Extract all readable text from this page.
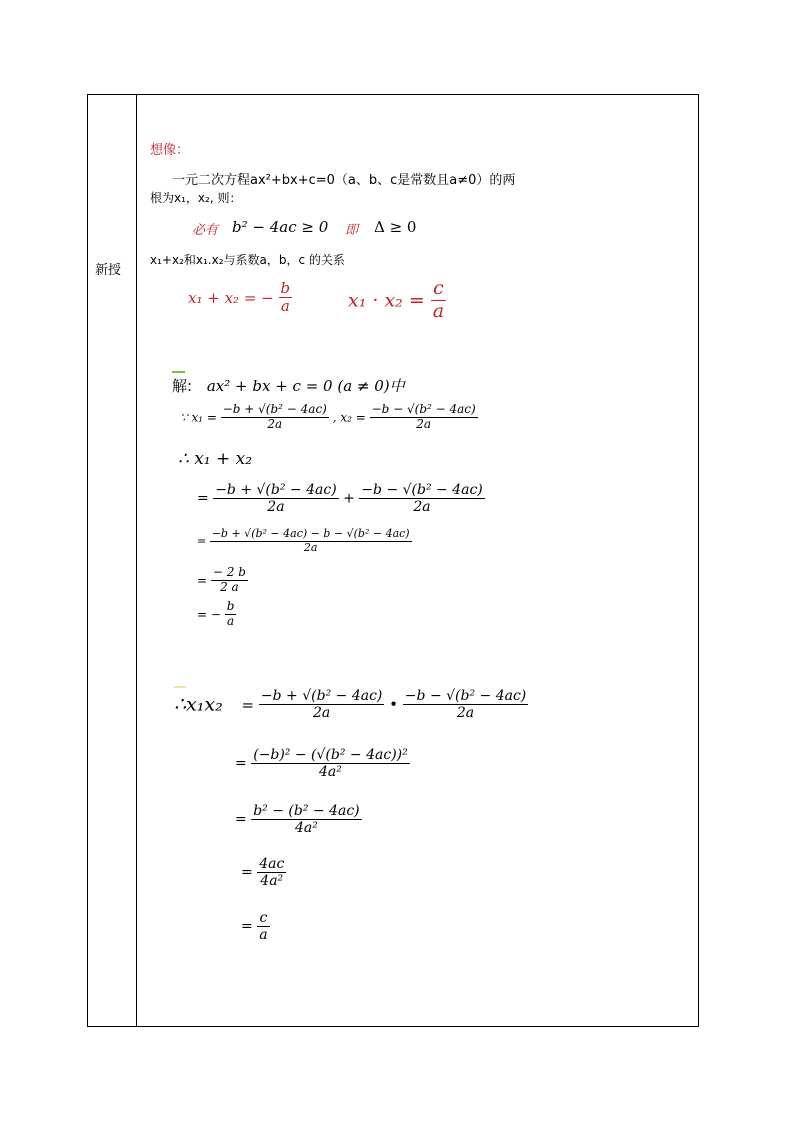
新授
想像：
一元二次方程ax²+bx+c=0（a、b、c是常数且a≠0）的两
根为x₁，x₂, 则：
必有 b² − 4ac ≥ 0 即 Δ ≥ 0
x₁+x₂和x₁.x₂与系数a，b，c 的关系
x₁ + x₂ = − $\frac{b}{a}$	$x_1 \cdot x_2 = \frac{c}{a}$
解: ax² + bx + c = 0 (a ≠ 0)中
∵ $x_1 = \frac{\text{−b + √(b² − 4ac)}}{2a}$ , $x_2 = \frac{\text{−b − √(b² − 4ac)}}{2a}$
∴ x₁ + x₂
= $\frac{\text{−b + √(b² − 4ac)}}{2a} + \frac{\text{−b − √(b² − 4ac)}}{2a}$
= $\frac{\text{−b + √(b² − 4ac) − b − √(b² − 4ac)}}{2a}$
= $\frac{- 2 b}{2 a}$
= − $\frac{b}{a}$
∴x₁x₂ = $\frac{\text{−b + √(b² − 4ac)}}{2a}$ • $\frac{\text{−b − √(b² − 4ac)}}{2a}$
= $\frac{\text{(−b)² − (√(b² − 4ac))²}}{\text{4a²}}$
= $\frac{\text{b² − (b² − 4ac)}}{\text{4a²}}$
= $\frac{4ac}{\text{4a²}}$
= $\frac{c}{a}$
